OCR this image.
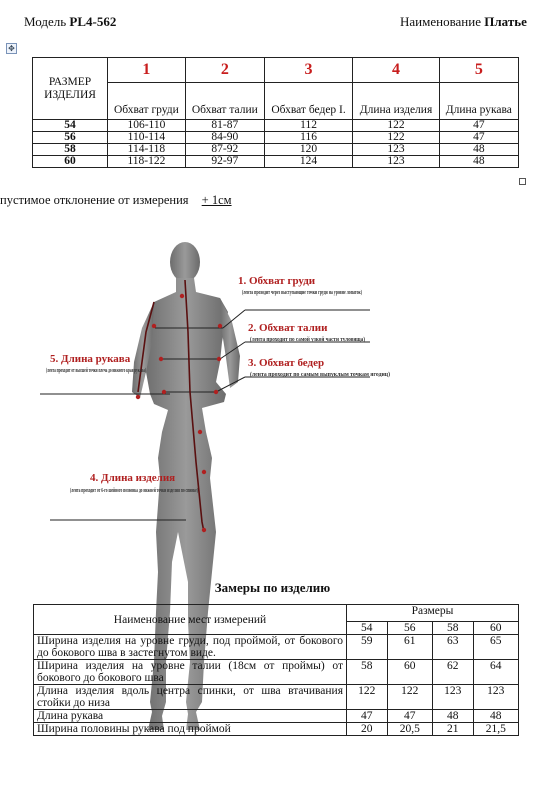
Модель PL4-562	Наименование Платье
✥
РАЗМЕР ИЗДЕЛИЯ	1	2	3	4	5
	Обхват груди	Обхват талии	Обхват бедер I.	Длина изделия	Длина рукава
54	106-110	81-87	112	122	47
56	110-114	84-90	116	122	47
58	114-118	87-92	120	123	48
60	118-122	92-97	124	123	48
пустимое отклонение от измерения + 1см
1. Обхват груди
(лента проходит через выступающие точки груди на уровне лопаток)
2. Обхват талии
(лента проходит по самой узкой части туловища)
3. Обхват бедер
(лента проходит по самым выпуклым точкам ягодиц)
4. Длина изделия
(лента проходит от 6-го шейного позвонка до нижней точки изделия по спинке)
5. Длина рукава
(лента проходит от высшей точки плеча до нижнего края рукава)
Замеры по изделию
Наименование мест измерений	Размеры			
	54	56	58	60
Ширина изделия на уровне груди, под проймой, от бокового до бокового шва в застегнутом виде.	59	61	63	65
Ширина изделия на уровне талии (18см от проймы) от бокового до бокового шва	58	60	62	64
Длина изделия вдоль центра спинки, от шва втачивания стойки до низа	122	122	123	123
Длина рукава	47	47	48	48
Ширина половины рукава под проймой	20	20,5	21	21,5
